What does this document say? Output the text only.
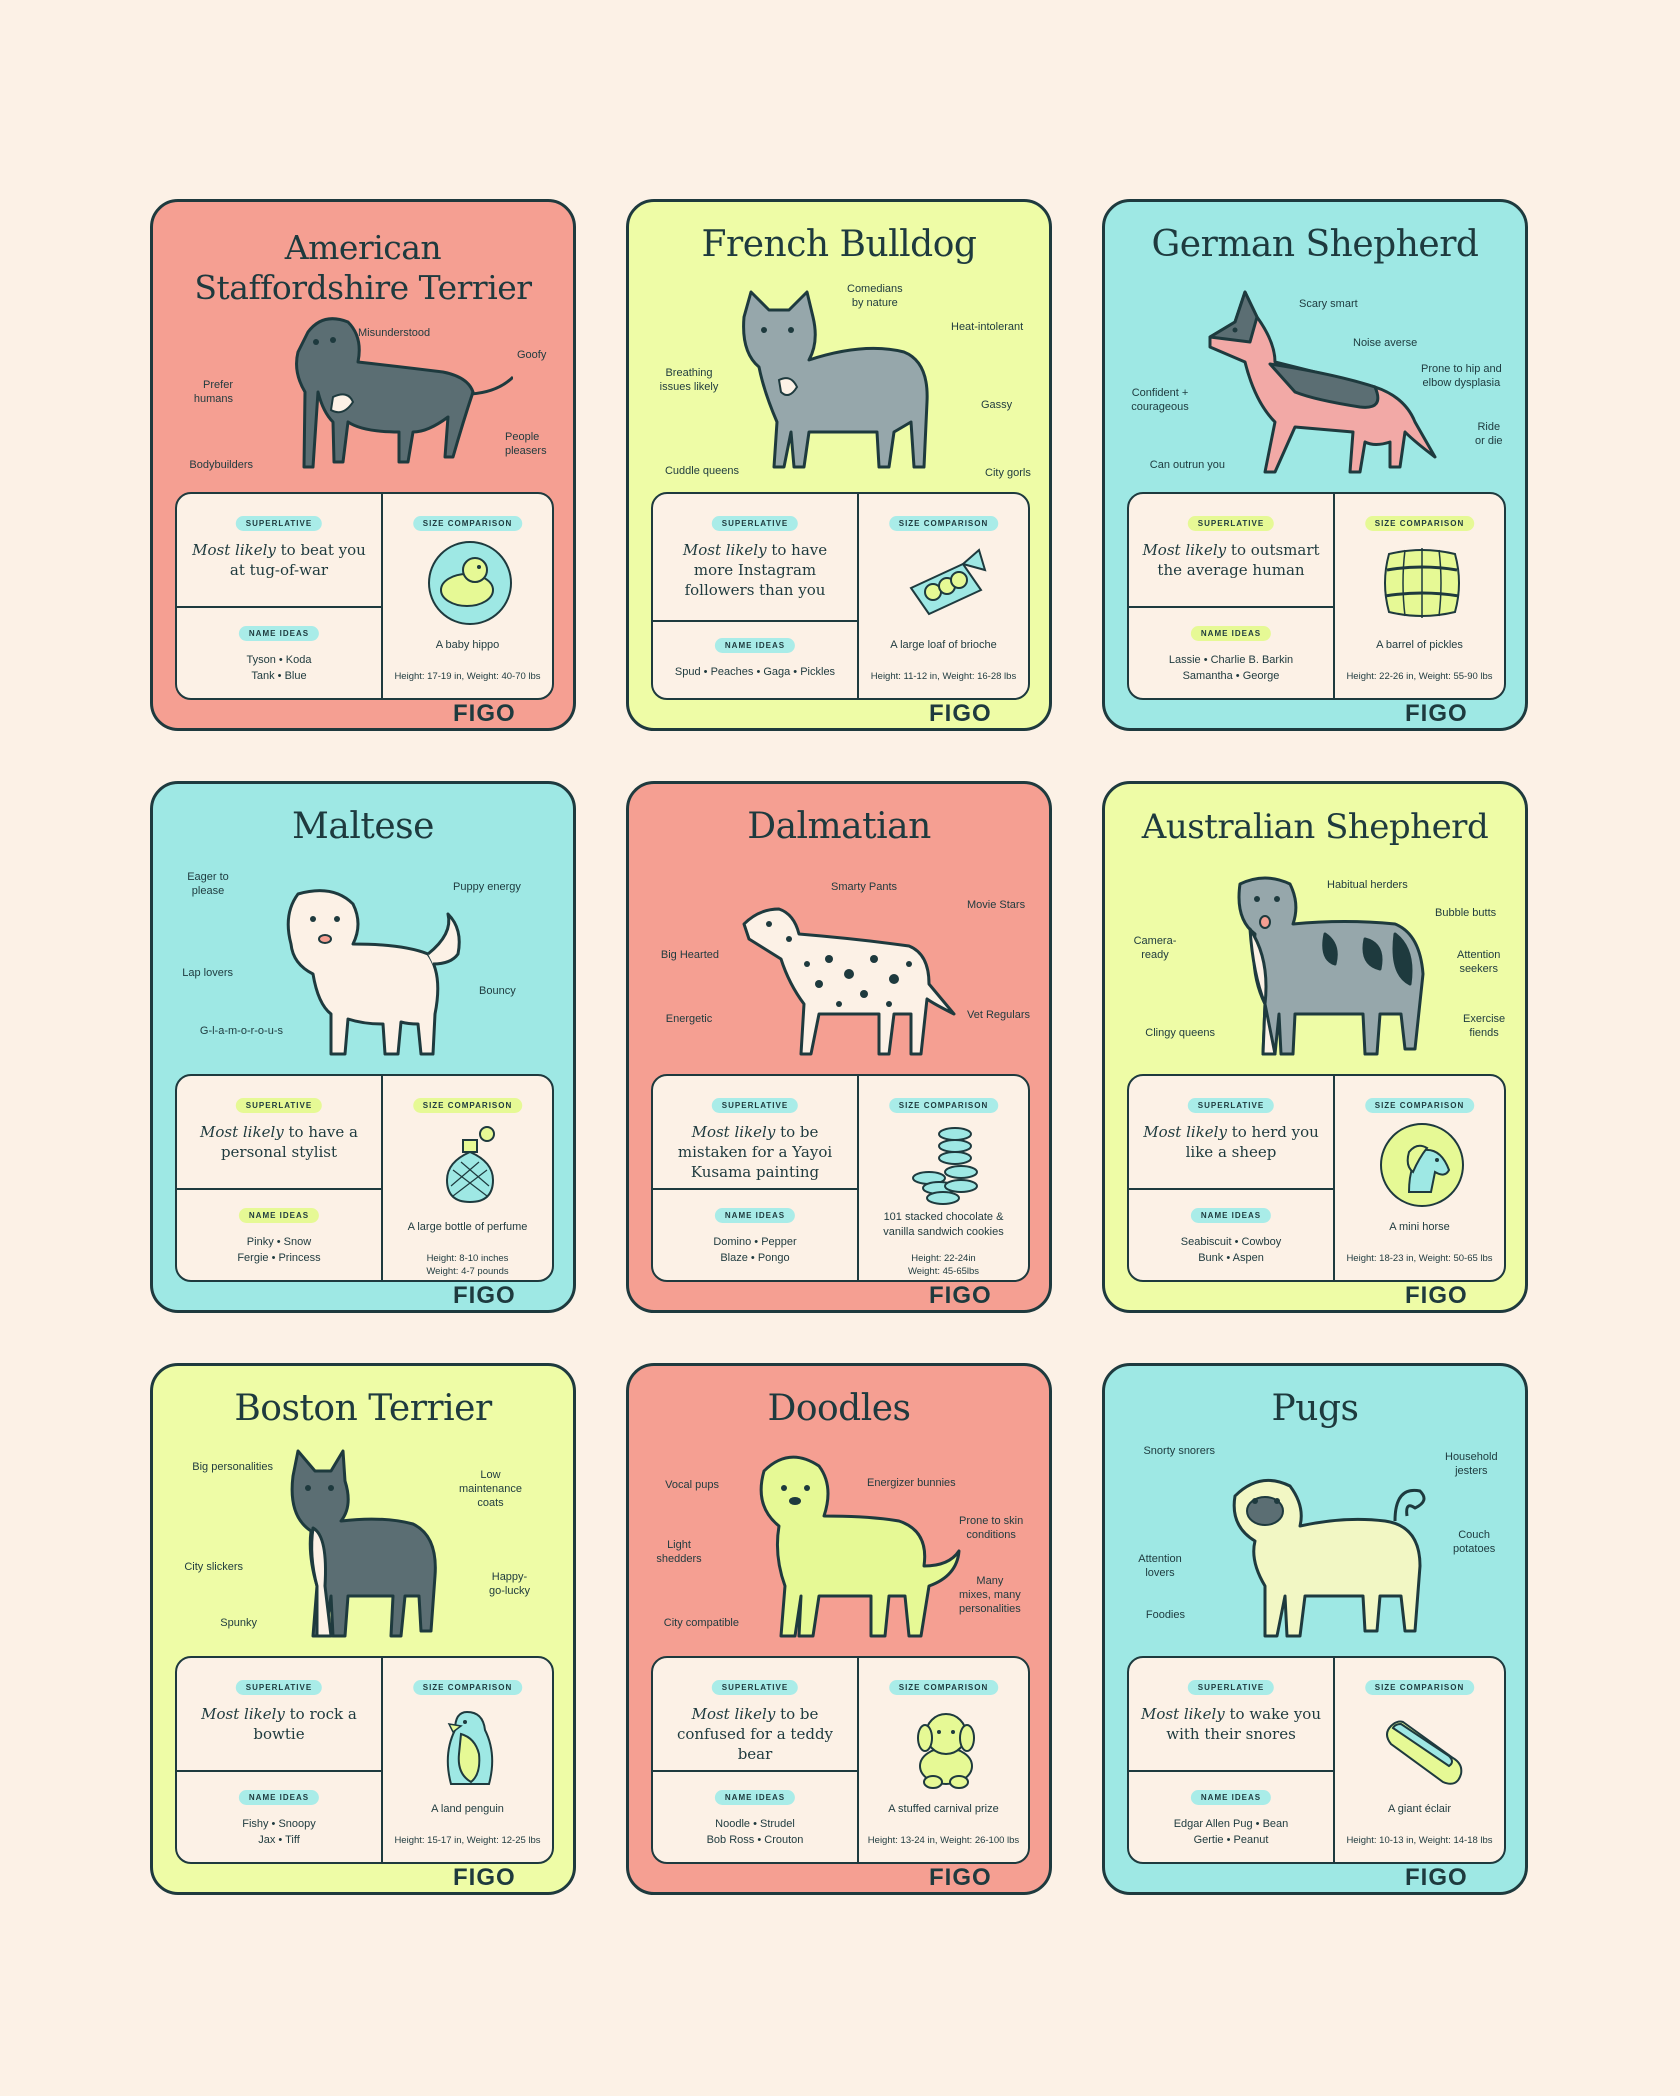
American
Staffordshire Terrier
Misunderstood
Goofy
Prefer
humans
People
pleasers
Bodybuilders
SUPERLATIVE
Most likely to beat you at tug-of-war
NAME IDEAS
Tyson • Koda
Tank • Blue
SIZE COMPARISON
A baby hippo
Height: 17-19 in, Weight: 40-70 lbs
FIGO
French Bulldog
Comedians
by nature
Heat-intolerant
Breathing
issues likely
Gassy
Cuddle queens	City gorls
SUPERLATIVE
Most likely to have more Instagram followers than you
NAME IDEAS
Spud • Peaches • Gaga • Pickles
SIZE COMPARISON
A large loaf of brioche
Height: 11-12 in, Weight: 16-28 lbs
FIGO
German Shepherd
Scary smart
Noise averse
Prone to hip and
elbow dysplasia
Confident +
courageous
Ride
or die
Can outrun you
SUPERLATIVE
Most likely to outsmart the average human
NAME IDEAS
Lassie • Charlie B. Barkin
Samantha • George
SIZE COMPARISON
A barrel of pickles
Height: 22-26 in, Weight: 55-90 lbs
FIGO
Maltese
Eager to
please	Puppy energy
Lap lovers
Bouncy
G-l-a-m-o-r-o-u-s
SUPERLATIVE
Most likely to have a personal stylist
NAME IDEAS
Pinky • Snow
Fergie • Princess
SIZE COMPARISON
A large bottle of perfume
Height: 8-10 inches
Weight: 4-7 pounds
FIGO
Dalmatian
Smarty Pants
Movie Stars
Big Hearted
Energetic	Vet Regulars
SUPERLATIVE
Most likely to be mistaken for a Yayoi Kusama painting
NAME IDEAS
Domino • Pepper
Blaze • Pongo
SIZE COMPARISON
101 stacked chocolate &
vanilla sandwich cookies
Height: 22-24in
Weight: 45-65lbs
FIGO
Australian Shepherd
Habitual herders
Bubble butts
Camera-
ready	Attention
seekers
Clingy queens
Exercise
fiends
SUPERLATIVE
Most likely to herd you like a sheep
NAME IDEAS
Seabiscuit • Cowboy
Bunk • Aspen
SIZE COMPARISON
A mini horse
Height: 18-23 in, Weight: 50-65 lbs
FIGO
Boston Terrier
Big personalities
Low
maintenance
coats
City slickers
Happy-
go-lucky
Spunky
SUPERLATIVE
Most likely to rock a bowtie
NAME IDEAS
Fishy • Snoopy
Jax • Tiff
SIZE COMPARISON
A land penguin
Height: 15-17 in, Weight: 12-25 lbs
FIGO
Doodles
Vocal pups	Energizer bunnies
Light
shedders
Prone to skin
conditions
City compatible
Many
mixes, many
personalities
SUPERLATIVE
Most likely to be confused for a teddy bear
NAME IDEAS
Noodle • Strudel
Bob Ross • Crouton
SIZE COMPARISON
A stuffed carnival prize
Height: 13-24 in, Weight: 26-100 lbs
FIGO
Pugs
Snorty snorers	Household
jesters
Attention
lovers
Couch
potatoes
Foodies
SUPERLATIVE
Most likely to wake you with their snores
NAME IDEAS
Edgar Allen Pug • Bean
Gertie • Peanut
SIZE COMPARISON
A giant éclair
Height: 10-13 in, Weight: 14-18 lbs
FIGO
